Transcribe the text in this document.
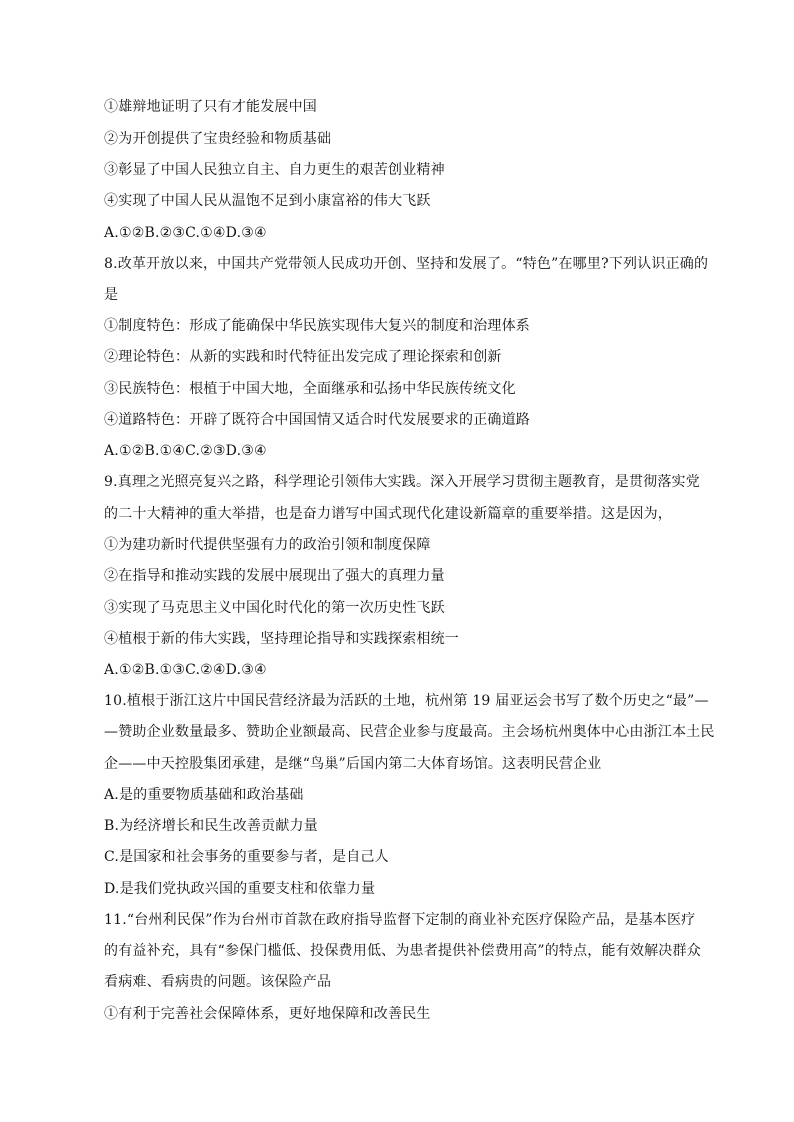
①雄辩地证明了只有才能发展中国
②为开创提供了宝贵经验和物质基础
③彰显了中国人民独立自主、自力更生的艰苦创业精神
④实现了中国人民从温饱不足到小康富裕的伟大飞跃
A.①②B.②③C.①④D.③④
8.改革开放以来，中国共产党带领人民成功开创、坚持和发展了。“特色”在哪里?下列认识正确的
是
①制度特色：形成了能确保中华民族实现伟大复兴的制度和治理体系
②理论特色：从新的实践和时代特征出发完成了理论探索和创新
③民族特色：根植于中国大地，全面继承和弘扬中华民族传统文化
④道路特色：开辟了既符合中国国情又适合时代发展要求的正确道路
A.①②B.①④C.②③D.③④
9.真理之光照亮复兴之路，科学理论引领伟大实践。深入开展学习贯彻主题教育，是贯彻落实党
的二十大精神的重大举措，也是奋力谱写中国式现代化建设新篇章的重要举措。这是因为，
①为建功新时代提供坚强有力的政治引领和制度保障
②在指导和推动实践的发展中展现出了强大的真理力量
③实现了马克思主义中国化时代化的第一次历史性飞跃
④植根于新的伟大实践，坚持理论指导和实践探索相统一
A.①②B.①③C.②④D.③④
10.植根于浙江这片中国民营经济最为活跃的土地，杭州第 19 届亚运会书写了数个历史之“最”—
—赞助企业数量最多、赞助企业额最高、民营企业参与度最高。主会场杭州奥体中心由浙江本土民
企——中天控股集团承建，是继“鸟巢”后国内第二大体育场馆。这表明民营企业
A.是的重要物质基础和政治基础
B.为经济增长和民生改善贡献力量
C.是国家和社会事务的重要参与者，是自己人
D.是我们党执政兴国的重要支柱和依靠力量
11.“台州利民保”作为台州市首款在政府指导监督下定制的商业补充医疗保险产品，是基本医疗
的有益补充，具有“参保门槛低、投保费用低、为患者提供补偿费用高”的特点，能有效解决群众
看病难、看病贵的问题。该保险产品
①有利于完善社会保障体系，更好地保障和改善民生
